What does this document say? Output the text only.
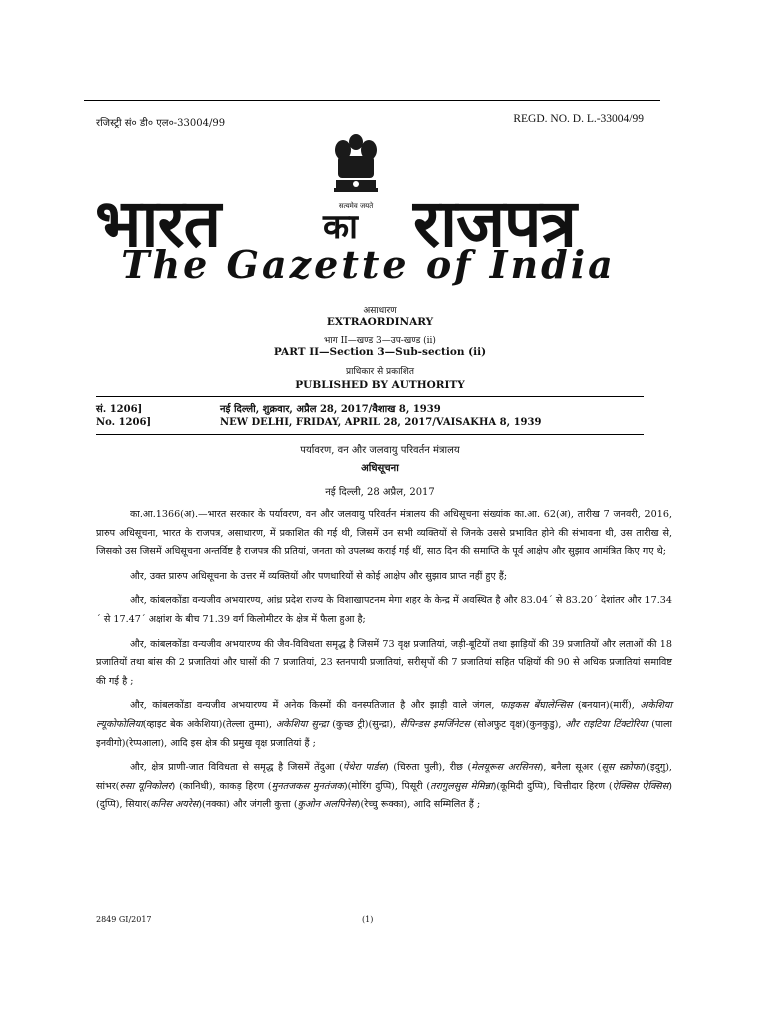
रजिस्ट्री सं० डी० एल०-33004/99	REGD. NO. D. L.-33004/99
सत्यमेव जयते
भारत	का राजपत्र
The Gazette of India
असाधारण
EXTRAORDINARY
भाग II—खण्ड 3—उप-खण्ड (ii)
PART II—Section 3—Sub-section (ii)
प्राधिकार से प्रकाशित
PUBLISHED BY AUTHORITY
सं. 1206]	नई दिल्ली, शुक्रवार, अप्रैल 28, 2017/वैशाख 8, 1939
No. 1206]	NEW DELHI, FRIDAY, APRIL 28, 2017/VAISAKHA 8, 1939
पर्यावरण, वन और जलवायु परिवर्तन मंत्रालय
अधिसूचना
नई दिल्ली, 28 अप्रैल, 2017

का.आ.1366(अ).—भारत सरकार के पर्यावरण, वन और जलवायु परिवर्तन मंत्रालय की अधिसूचना संख्यांक का.आ. 62(अ), तारीख 7 जनवरी, 2016, प्रारुप अधिसूचना, भारत के राजपत्र, असाधारण, में प्रकाशित की गई थी, जिसमें उन सभी व्यक्तियों से जिनके उससे प्रभावित होने की संभावना थी, उस तारीख से, जिसको उस जिसमें अधिसूचना अन्तर्विष्ट है राजपत्र की प्रतियां, जनता को उपलब्ध कराई गई थीं, साठ दिन की समाप्ति के पूर्व आक्षेप और सुझाव आमंत्रित किए गए थे;

और, उक्त प्रारुप अधिसूचना के उत्तर में व्यक्तियों और पणधारियों से कोई आक्षेप और सुझाव प्राप्त नहीं हुए हैं;

और, कांबलकोंडा वन्यजीव अभयारण्य, आंध्र प्रदेश राज्य के विशाखापटनम मेगा शहर के केन्द्र में अवस्थित है और 83.04´ से 83.20´ देशांतर और 17.34´ से 17.47´ अक्षांश के बीच 71.39 वर्ग किलोमीटर के क्षेत्र में फैला हुआ है;

और, कांबलकोंडा वन्यजीव अभयारण्य की जैव-विविधता समृद्ध है जिसमें 73 वृक्ष प्रजातियां, जड़ी-बूटियों तथा झाड़ियों की 39 प्रजातियों और लताओं की 18 प्रजातियों तथा बांस की 2 प्रजातियां और घासों की 7 प्रजातियां, 23 स्तनपायी प्रजातियां, सरीसृपों की 7 प्रजातियां सहित पक्षियों की 90 से अधिक प्रजातियां समाविष्ट की गई है ;

और, कांबलकोंडा वन्यजीव अभयारण्य में अनेक किस्मों की वनस्पतिजात है और झाड़ी वाले जंगल, फाइकस बेंघालेन्सिस (बनयान)(मार्री), अकेशिया ल्यूकोफोलिया(व्हाइट बेक अकेशिया)(तेल्ला तुम्मा), अकेशिया सुन्द्रा (कुच्छ ट्री)(सुन्द्रा), सैपिन्डस इमर्जिनेटस (सोअफुट वृक्ष)(कुनकुडु), और राइटिया टिंक्टोरिया (पाला इनवीगो)(रेप्पआला), आदि इस क्षेत्र की प्रमुख वृक्ष प्रजातियां हैं ;

और, क्षेत्र प्राणी-जात विविधता से समृद्ध है जिसमें तेंदुआ (पेंथेरा पार्डस) (चिरुता पुली), रीछ (मेलयूरूस अरसिनस), बनैला सूअर (सूस स्क्रोफा)(इदुगु), सांभर(रुसा यूनिकोलर) (कानिधी), काकड़ हिरण (मुनतजकस मुनतंजक)(मोरिंग दुप्पि), पिसूरी (तरागुलसुस मेमिन्ना)(कूमिदी दुप्पि), चित्तीदार हिरण (ऐक्सिस ऐक्सिस)(दुप्पि), सियार(कनिस अयरेस)(नक्का) और जंगली कुत्ता (कुओन अलपिनेस)(रेच्चु रूक्का), आदि सम्मिलित हैं ;

2849 GI/2017	(1)
